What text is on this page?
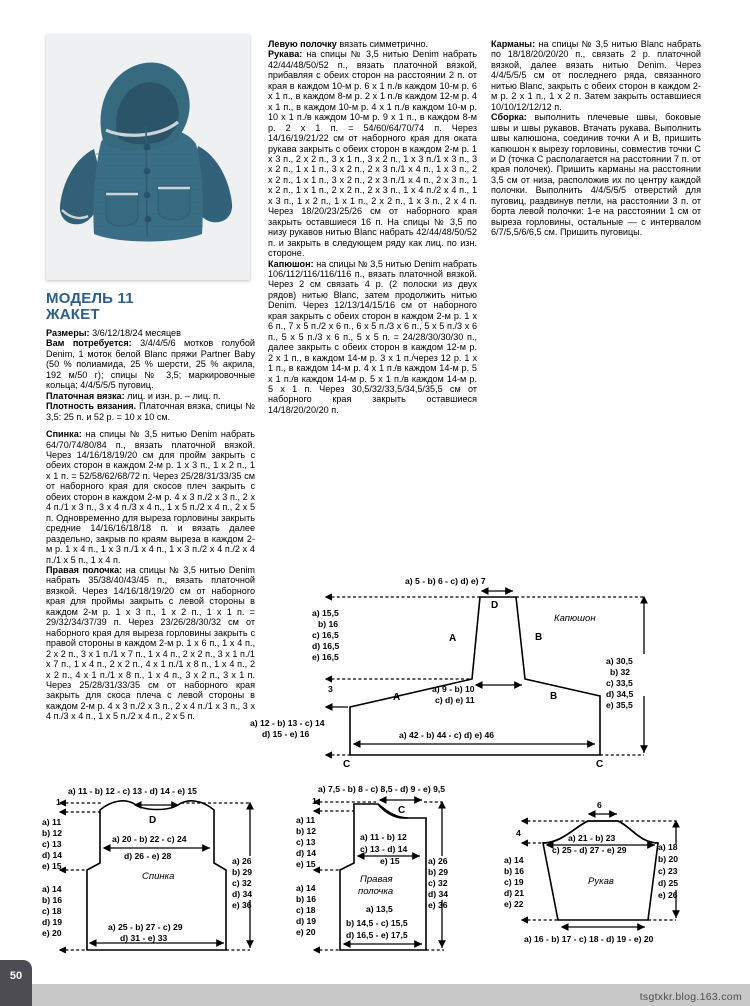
МОДЕЛЬ 11
ЖАКЕТ

Размеры: 3/6/12/18/24 месяцев

Вам потребуется: 3/4/4/5/6 мотков голубой Denim, 1 моток белой Blanc пряжи Partner Baby (50 % полиамида, 25 % шерсти, 25 % акрила, 192 м/50 г); спицы № 3,5; маркировочные кольца; 4/4/5/5/5 пуговиц.

Платочная вязка: лиц. и изн. р. – лиц. п.

Плотность вязания. Платочная вязка, спицы № 3,5: 25 п. и 52 р. = 10 х 10 см.

Спинка: на спицы № 3,5 нитью Denim набрать 64/70/74/80/84 п., вязать платочной вязкой. Через 14/16/18/19/20 см для пройм закрыть с обеих сторон в каждом 2-м р. 1 х 3 п., 1 х 2 п., 1 х 1 п. = 52/58/62/68/72 п. Через 25/28/31/33/35 см от наборного края для скосов плеч закрыть с обеих сторон в каждом 2-м р. 4 х 3 п./2 х 3 п., 2 х 4 п./1 х 3 п., 3 х 4 п./3 х 4 п., 1 х 5 п./2 х 4 п., 2 х 5 п. Одновременно для выреза горловины закрыть средние 14/16/16/18/18 п. и вязать далее раздельно, закрыв по краям выреза в каждом 2-м р. 1 х 4 п., 1 х 3 п./1 х 4 п., 1 х 3 п./2 х 4 п./2 х 4 п./1 х 5 п., 1 х 4 п.

Правая полочка: на спицы № 3,5 нитью Denim набрать 35/38/40/43/45 п., вязать платочной вязкой. Через 14/16/18/19/20 см от наборного края для проймы закрыть с левой стороны в каждом 2-м р. 1 х 3 п., 1 х 2 п., 1 х 1 п. = 29/32/34/37/39 п. Через 23/26/28/30/32 см от наборного края для выреза горловины закрыть с правой стороны в каждом 2-м р. 1 х 6 п., 1 х 4 п., 2 х 2 п., 3 х 1 п./1 х 7 п., 1 х 4 п., 2 х 2 п., 3 х 1 п./1 х 7 п., 1 х 4 п., 2 х 2 п., 4 х 1 п./1 х 8 п., 1 х 4 п., 2 х 2 п., 4 х 1 п./1 х 8 п., 1 х 4 п., 3 х 2 п., 3 х 1 п. Через 25/28/31/33/35 см от наборного края закрыть для скоса плеча с левой стороны в каждом 2-м р. 4 х 3 п./2 х 3 п., 2 х 4 п./1 х 3 п., 3 х 4 п./3 х 4 п., 1 х 5 п./2 х 4 п., 2 х 5 п.

Левую полочку вязать симметрично.

Рукава: на спицы № 3,5 нитью Denim набрать 42/44/48/50/52 п., вязать платочной вязкой, прибавляя с обеих сторон на расстоянии 2 п. от края в каждом 10-м р. 6 х 1 п./в каждом 10-м р. 6 х 1 п., в каждом 8-м р. 2 х 1 п./в каждом 12-м р. 4 х 1 п., в каждом 10-м р. 4 х 1 п./в каждом 10-м р. 10 х 1 п./в каждом 10-м р. 9 х 1 п., в каждом 8-м р. 2 х 1 п. = 54/60/64/70/74 п. Через 14/16/19/21/22 см от наборного края для оката рукава закрыть с обеих сторон в каждом 2-м р. 1 х 3 п., 2 х 2 п., 3 х 1 п., 3 х 2 п., 1 х 3 п./1 х 3 п., 3 х 2 п., 1 х 1 п., 3 х 2 п., 2 х 3 п./1 х 4 п., 1 х 3 п., 2 х 2 п., 1 х 1 п., 3 х 2 п., 2 х 3 п./1 х 4 п., 2 х 3 п., 1 х 2 п., 1 х 1 п., 2 х 2 п., 2 х 3 п., 1 х 4 п./2 х 4 п., 1 х 3 п., 1 х 2 п., 1 х 1 п., 2 х 2 п., 1 х 3 п., 2 х 4 п. Через 18/20/23/25/26 см от наборного края закрыть оставшиеся 16 п. На спицы № 3,5 по низу рукавов нитью Blanc набрать 42/44/48/50/52 п. и закрыть в следующем ряду как лиц. по изн. стороне.

Капюшон: на спицы № 3,5 нитью Denim набрать 106/112/116/116/116 п., вязать платочной вязкой. Через 2 см связать 4 р. (2 полоски из двух рядов) нитью Blanc, затем продолжить нитью Denim. Через 12/13/14/15/16 см от наборного края закрыть с обеих сторон в каждом 2-м р. 1 х 6 п., 7 х 5 п./2 х 6 п., 6 х 5 п./3 х 6 п., 5 х 5 п./3 х 6 п., 5 х 5 п./3 х 6 п., 5 х 5 п. = 24/28/30/30/30 п., далее закрыть с обеих сторон в каждом 12-м р. 2 х 1 п., в каждом 14-м р. 3 х 1 п./через 12 р. 1 х 1 п., в каждом 14-м р. 4 х 1 п./в каждом 14-м р. 5 х 1 п./в каждом 14-м р. 5 х 1 п./в каждом 14-м р. 5 х 1 п. Через 30,5/32/33,5/34,5/35,5 см от наборного края закрыть оставшиеся 14/18/20/20/20 п.

Карманы: на спицы № 3,5 нитью Blanc набрать по 18/18/20/20/20 п., связать 2 р. платочной вязкой, далее вязать нитью Denim. Через 4/4/5/5/5 см от последнего ряда, связанного нитью Blanc, закрыть с обеих сторон в каждом 2-м р. 2 х 1 п., 1 х 2 п. Затем закрыть оставшиеся 10/10/12/12/12 п.

Сборка: выполнить плечевые швы, боковые швы и швы рукавов. Втачать рукава. Выполнить швы капюшона, соединив точки А и В, пришить капюшон к вырезу горловины, совместив точки C и D (точка C располагается на расстоянии 7 п. от края полочек). Пришить карманы на расстоянии 3,5 см от низа, расположив их по центру каждой полочки. Выполнить 4/4/5/5/5 отверстий для пуговиц, раздвинув петли, на расстоянии 3 п. от борта левой полочки: 1-е на расстоянии 1 см от выреза горловины, остальные — с интервалом 6/7/5,5/6/6,5 см. Пришить пуговицы.

a) 5 - b) 6 - c) d) e) 7
a) 30,5
b) 32
c) 33,5
d) 34,5
e) 35,5
a) 15,5
b) 16
c) 16,5
d) 16,5
e) 16,5
a) 9 - b) 10
c) d) e) 11
3
a) 12 - b) 13 - c) 14
d) 15 - e) 16	a) 42 - b) 44 - c) d) e) 46
A
A
B
B
C	C
D
Капюшон
a) 11 - b) 12 - c) 13 - d) 14 - e) 15
1
D
a) 11
b) 12
c) 13
d) 14
e) 15
a) 20 - b) 22 - c) 24
d) 26 - e) 28
Спинка
a) 14
b) 16
c) 18
d) 19
e) 20
a) 26
b) 29
c) 32
d) 34
e) 36
a) 25 - b) 27 - c) 29
d) 31 - e) 33
a) 7,5 - b) 8 - c) 8,5 - d) 9 - e) 9,5
1
C
a) 11
b) 12
c) 13
d) 14
e) 15
a) 11 - b) 12
c) 13 - d) 14
e) 15
Правая
полочка
a) 14
b) 16
c) 18
d) 19
e) 20
a) 26
b) 29
c) 32
d) 34
e) 36
a) 13,5
b) 14,5 - c) 15,5
d) 16,5 - e) 17,5
6
4	a) 21 - b) 23
c) 25 - d) 27 - e) 29
Рукав
a) 14
b) 16
c) 19
d) 21
e) 22
a) 18
b) 20
c) 23
d) 25
e) 26
a) 16 - b) 17 - c) 18 - d) 19 - e) 20
50
tsgtxkr.blog.163.com
